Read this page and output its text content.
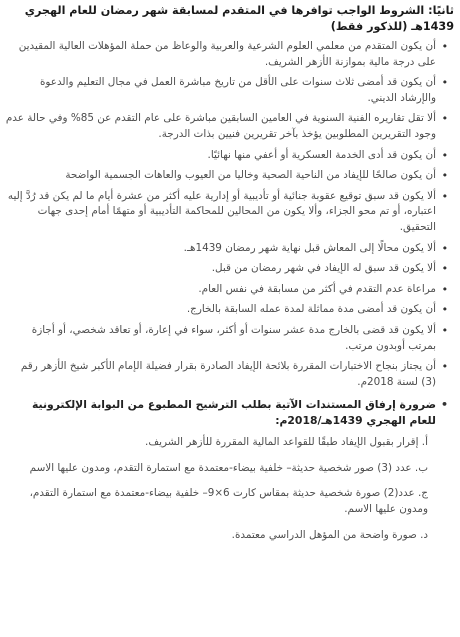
ثانيًا: الشروط الواجب توافرها في المتقدم لمسابقة شهر رمضان للعام الهجري 1439هـ (للذكور فقط)
• أن يكون المتقدم من معلمي العلوم الشرعية والعربية والوعاظ من حملة المؤهلات العالية المقيدين على درجة مالية بموازنة الأزهر الشريف.
• أن يكون قد أمضى ثلاث سنوات على الأقل من تاريخ مباشرة العمل في مجال التعليم والدعوة والإرشاد الديني.
• ألا تقل تقاريره الفنية السنوية في العامين السابقين مباشرة على عام التقدم عن 85% وفي حالة عدم وجود التقريرين المطلوبين يؤخذ بآخر تقريرين فنيين بذات الدرجة.
• أن يكون قد أدى الخدمة العسكرية أو أعفي منها نهائيًا.
• أن يكون صالحًا للإيفاد من الناحية الصحية وخاليا من العيوب والعاهات الجسمية الواضحة
• ألا يكون قد سبق توقيع عقوبة جنائية أو تأديبية أو إدارية عليه أكثر من عشرة أيام ما لم يكن قد رُدَّ إليه اعتباره، أو تم محو الجزاء، وألا يكون من المحالين للمحاكمة التأديبية أو متهمًا أمام إحدى جهات التحقيق.
• ألا يكون محالًا إلى المعاش قبل نهاية شهر رمضان 1439هـ.
• ألا يكون قد سبق له الإيفاد في شهر رمضان من قبل.
• مراعاة عدم التقدم في أكثر من مسابقة في نفس العام.
• أن يكون قد أمضى مدة مماثلة لمدة عمله السابقة بالخارج.
• ألا يكون قد قضى بالخارج مدة عشر سنوات أو أكثر، سواء في إعارة، أو تعاقد شخصي، أو أجازة بمرتب أوبدون مرتب.
• أن يجتاز بنجاح الاختبارات المقررة بلائحة الإيفاد الصادرة بقرار فضيلة الإمام الأكبر شيخ الأزهر رقم (3) لسنة 2018م.
• ضرورة إرفاق المستندات الآتية بطلب الترشيح المطبوع من البوابة الإلكترونية للعام الهجري 1439هـ/2018م:
أ. إقرار بقبول الإيفاد طبقًا للقواعد المالية المقررة للأزهر الشريف.
ب. عدد (3) صور شخصية حديثة– خلفية بيضاء-معتمدة مع استمارة التقدم، ومدون عليها الاسم
ج. عدد(2) صورة شخصية حديثة بمقاس كارت 6×9– خلفية بيضاء-معتمدة مع استمارة التقدم، ومدون عليها الاسم.
د. صورة واضحة من المؤهل الدراسي معتمدة.
